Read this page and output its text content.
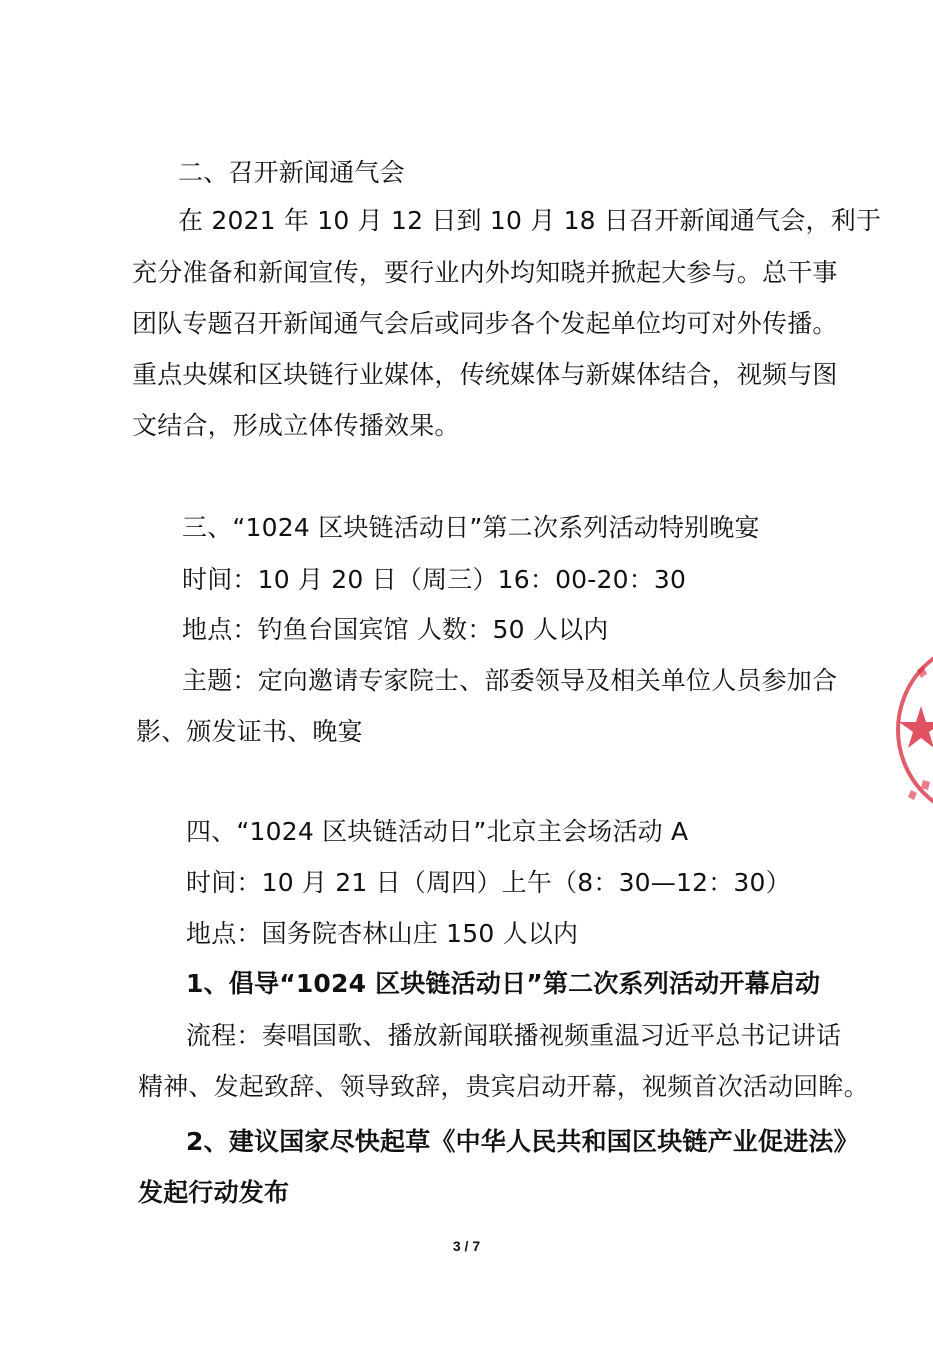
二、召开新闻通气会
在 2021 年 10 月 12 日到 10 月 18 日召开新闻通气会，利于
充分准备和新闻宣传，要行业内外均知晓并掀起大参与。总干事
团队专题召开新闻通气会后或同步各个发起单位均可对外传播。
重点央媒和区块链行业媒体，传统媒体与新媒体结合，视频与图
文结合，形成立体传播效果。
三、“1024 区块链活动日”第二次系列活动特别晚宴
时间：10 月 20 日（周三）16：00-20：30
地点：钓鱼台国宾馆 人数：50 人以内
主题：定向邀请专家院士、部委领导及相关单位人员参加合
影、颁发证书、晚宴
四、“1024 区块链活动日”北京主会场活动 A
时间：10 月 21 日（周四）上午（8：30—12：30）
地点：国务院杏林山庄 150 人以内
1、倡导“1024 区块链活动日”第二次系列活动开幕启动
流程：奏唱国歌、播放新闻联播视频重温习近平总书记讲话
精神、发起致辞、领导致辞，贵宾启动开幕，视频首次活动回眸。
2、建议国家尽快起草《中华人民共和国区块链产业促进法》
发起行动发布
3 / 7
